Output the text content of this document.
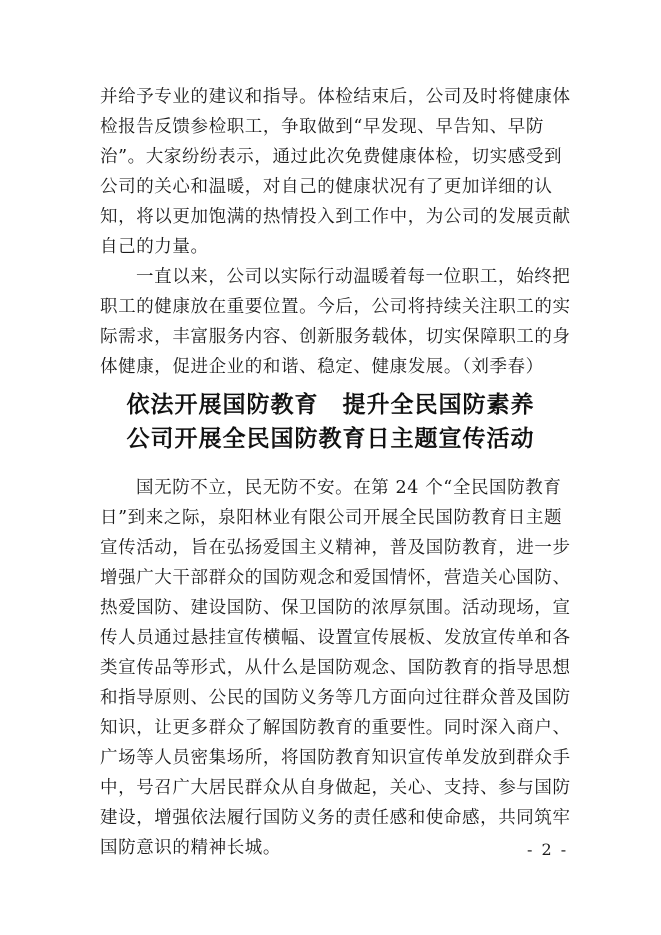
并给予专业的建议和指导。体检结束后，公司及时将健康体
检报告反馈参检职工，争取做到“早发现、早告知、早防
治”。大家纷纷表示，通过此次免费健康体检，切实感受到
公司的关心和温暖，对自己的健康状况有了更加详细的认
知，将以更加饱满的热情投入到工作中，为公司的发展贡献
自己的力量。
一直以来，公司以实际行动温暖着每一位职工，始终把
职工的健康放在重要位置。今后，公司将持续关注职工的实
际需求，丰富服务内容、创新服务载体，切实保障职工的身
体健康，促进企业的和谐、稳定、健康发展。（刘季春）
依法开展国防教育　提升全民国防素养
公司开展全民国防教育日主题宣传活动
国无防不立，民无防不安。在第 24 个“全民国防教育
日”到来之际，泉阳林业有限公司开展全民国防教育日主题
宣传活动，旨在弘扬爱国主义精神，普及国防教育，进一步
增强广大干部群众的国防观念和爱国情怀，营造关心国防、
热爱国防、建设国防、保卫国防的浓厚氛围。活动现场，宣
传人员通过悬挂宣传横幅、设置宣传展板、发放宣传单和各
类宣传品等形式，从什么是国防观念、国防教育的指导思想
和指导原则、公民的国防义务等几方面向过往群众普及国防
知识，让更多群众了解国防教育的重要性。同时深入商户、
广场等人员密集场所，将国防教育知识宣传单发放到群众手
中，号召广大居民群众从自身做起，关心、支持、参与国防
建设，增强依法履行国防义务的责任感和使命感，共同筑牢
国防意识的精神长城。	- 2 -
